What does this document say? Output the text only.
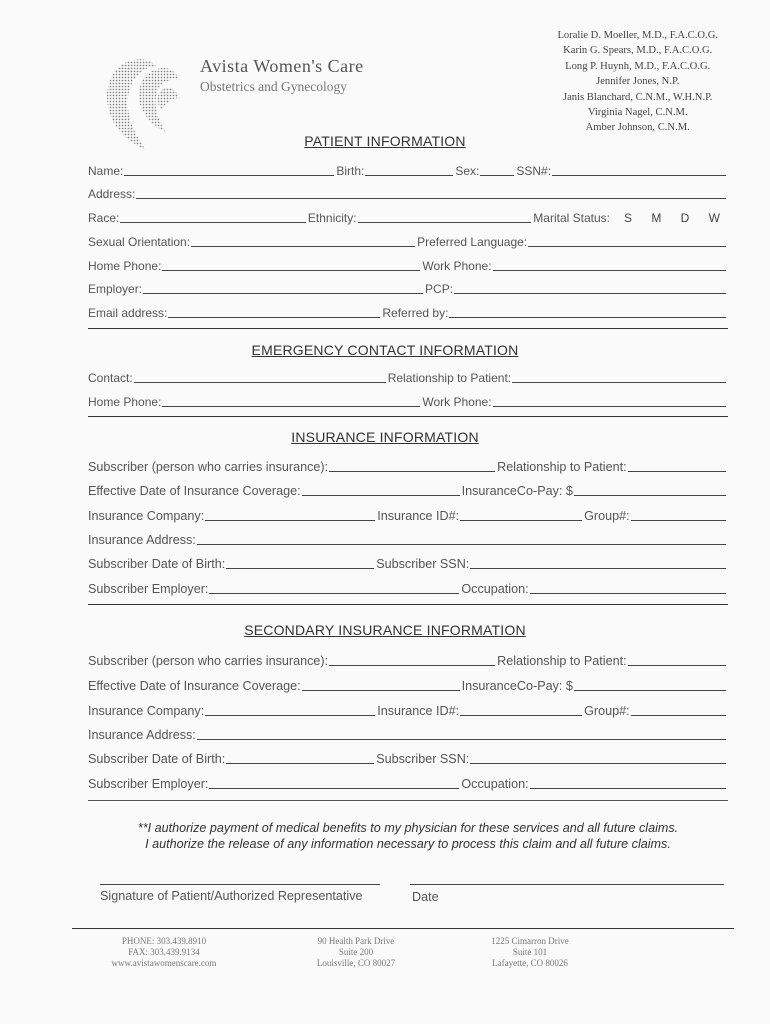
Avista Women's Care
Obstetrics and Gynecology
Loralie D. Moeller, M.D., F.A.C.O.G.
Karin G. Spears, M.D., F.A.C.O.G.
Long P. Huynh, M.D., F.A.C.O.G.
Jennifer Jones, N.P.
Janis Blanchard, C.N.M., W.H.N.P.
Virginia Nagel, C.N.M.
Amber Johnson, C.N.M.
PATIENT INFORMATION
Name:	Birth:	Sex:	SSN#:
Address:
Race:	Ethnicity:	Marital Status: S M D W
Sexual Orientation:	Preferred Language:
Home Phone:	Work Phone:
Employer:	PCP:
Email address:	Referred by:
EMERGENCY CONTACT INFORMATION
Contact:	Relationship to Patient:
Home Phone:	Work Phone:
INSURANCE INFORMATION
Subscriber (person who carries insurance):	Relationship to Patient:
Effective Date of Insurance Coverage:	InsuranceCo-Pay: $
Insurance Company:	Insurance ID#:	Group#:
Insurance Address:
Subscriber Date of Birth:	Subscriber SSN:
Subscriber Employer:	Occupation:
SECONDARY INSURANCE INFORMATION
Subscriber (person who carries insurance):	Relationship to Patient:
Effective Date of Insurance Coverage:	InsuranceCo-Pay: $
Insurance Company:	Insurance ID#:	Group#:
Insurance Address:
Subscriber Date of Birth:	Subscriber SSN:
Subscriber Employer:	Occupation:
**I authorize payment of medical benefits to my physician for these services and all future claims.
I authorize the release of any information necessary to process this claim and all future claims.
Signature of Patient/Authorized Representative	Date
PHONE: 303.439.8910
FAX: 303.439.9134
www.avistawomenscare.com
90 Health Park Drive
Suite 200
Louisville, CO 80027
1225 Cimarron Drive
Suite 101
Lafayette, CO 80026
